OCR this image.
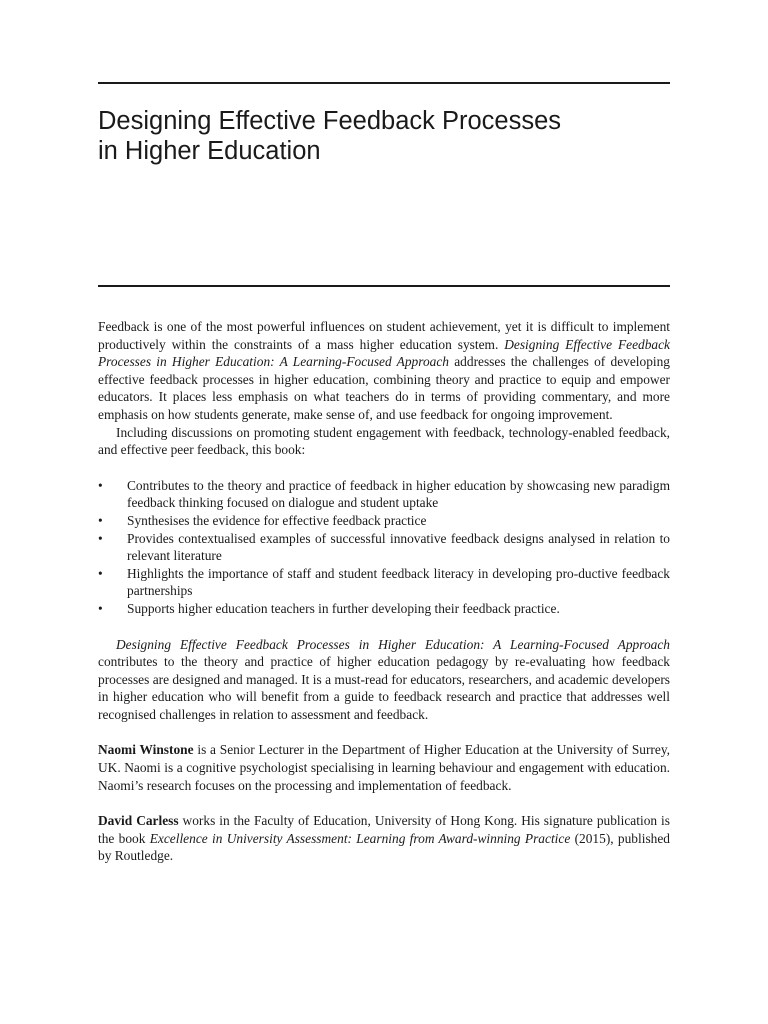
Designing Effective Feedback Processes
in Higher Education

Feedback is one of the most powerful influences on student achievement, yet it is difficult to implement productively within the constraints of a mass higher education system. Designing Effective Feedback Processes in Higher Education: A Learning-Focused Approach addresses the challenges of developing effective feedback processes in higher education, combining theory and practice to equip and empower educators. It places less emphasis on what teachers do in terms of providing commentary, and more emphasis on how students generate, make sense of, and use feedback for ongoing improvement.

Including discussions on promoting student engagement with feedback, technology-enabled feedback, and effective peer feedback, this book:

• Contributes to the theory and practice of feedback in higher education by showcasing new paradigm feedback thinking focused on dialogue and student uptake
• Synthesises the evidence for effective feedback practice
• Provides contextualised examples of successful innovative feedback designs analysed in relation to relevant literature
• Highlights the importance of staff and student feedback literacy in developing pro-ductive feedback partnerships
• Supports higher education teachers in further developing their feedback practice.

Designing Effective Feedback Processes in Higher Education: A Learning-Focused Approach contributes to the theory and practice of higher education pedagogy by re-evaluating how feedback processes are designed and managed. It is a must-read for educators, researchers, and academic developers in higher education who will benefit from a guide to feedback research and practice that addresses well recognised challenges in relation to assessment and feedback.

Naomi Winstone is a Senior Lecturer in the Department of Higher Education at the University of Surrey, UK. Naomi is a cognitive psychologist specialising in learning behaviour and engagement with education. Naomi’s research focuses on the processing and implementation of feedback.

David Carless works in the Faculty of Education, University of Hong Kong. His signature publication is the book Excellence in University Assessment: Learning from Award-winning Practice (2015), published by Routledge.
